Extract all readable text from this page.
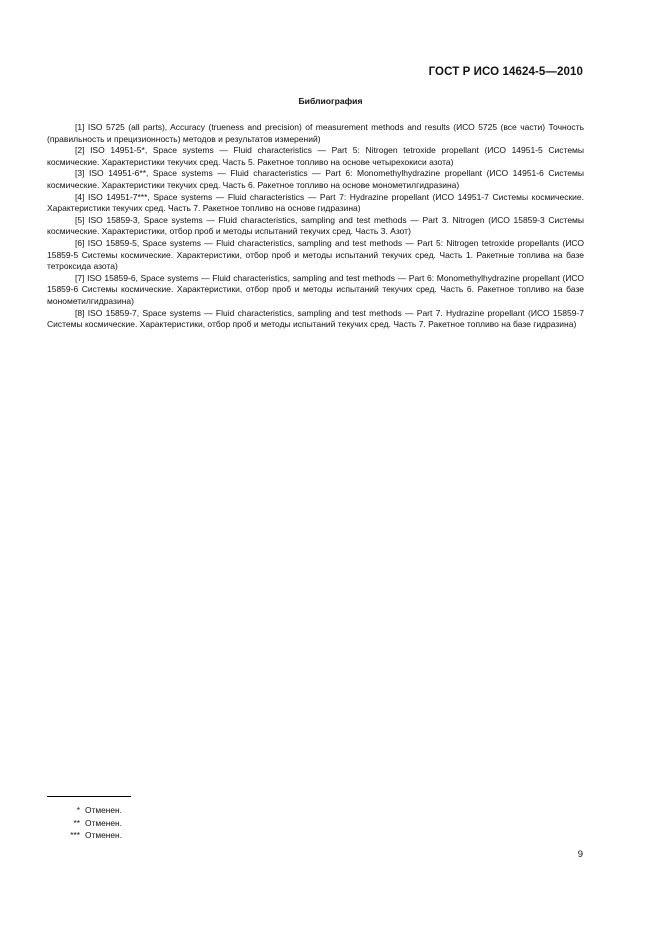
ГОСТ Р ИСО 14624-5—2010
Библиография

[1] ISO 5725 (all parts), Accuracy (trueness and precision) of measurement methods and results (ИСО 5725 (все части) Точность (правильность и прецизионность) методов и результатов измерений)

[2] ISO 14951-5*, Space systems — Fluid characteristics — Part 5: Nitrogen tetroxide propellant (ИСО 14951-5 Системы космические. Характеристики текучих сред. Часть 5. Ракетное топливо на основе четырехокиси азота)

[3] ISO 14951-6**, Space systems — Fluid characteristics — Part 6: Monomethylhydrazine propellant (ИСО 14951-6 Системы космические. Характеристики текучих сред. Часть 6. Ракетное топливо на основе монометилгидразина)

[4] ISO 14951-7***, Space systems — Fluid characteristics — Part 7: Hydrazine propellant (ИСО 14951-7 Системы космические. Характеристики текучих сред. Часть 7. Ракетное топливо на основе гидразина)

[5] ISO 15859-3, Space systems — Fluid characteristics, sampling and test methods — Part 3. Nitrogen (ИСО 15859-3 Системы космические. Характеристики, отбор проб и методы испытаний текучих сред. Часть 3. Азот)

[6] ISO 15859-5, Space systems — Fluid characteristics, sampling and test methods — Part 5: Nitrogen tetroxide propellants (ИСО 15859-5 Системы космические. Характеристики, отбор проб и методы испытаний текучих сред. Часть 1. Ракетные топлива на базе тетроксида азота)

[7] ISO 15859-6, Space systems — Fluid characteristics, sampling and test methods — Part 6: Monomethylhydrazine propellant (ИСО 15859-6 Системы космические. Характеристики, отбор проб и методы испытаний текучих сред. Часть 6. Ракетное топливо на базе монометилгидразина)

[8] ISO 15859-7, Space systems — Fluid characteristics, sampling and test methods — Part 7. Hydrazine propellant (ИСО 15859-7 Системы космические. Характеристики, отбор проб и методы испытаний текучих сред. Часть 7. Ракетное топливо на базе гидразина)

* Отменен.
** Отменен.
*** Отменен.
9
